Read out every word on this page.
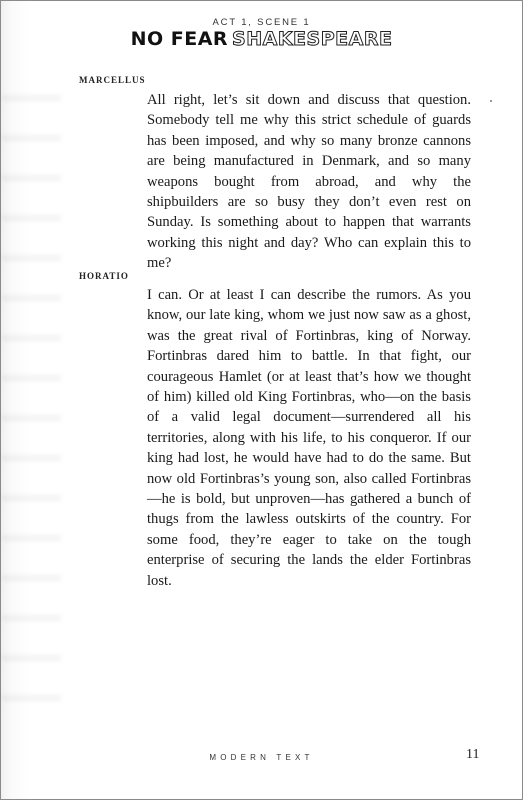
ACT 1, SCENE 1
NO FEAR SHAKESPEARE
MARCELLUS
All right, let’s sit down and discuss that question. Somebody tell me why this strict schedule of guards has been imposed, and why so many bronze cannons are being manufactured in Denmark, and so many weapons bought from abroad, and why the shipbuilders are so busy they don’t even rest on Sunday. Is something about to happen that warrants working this night and day? Who can explain this to me?
HORATIO
I can. Or at least I can describe the rumors. As you know, our late king, whom we just now saw as a ghost, was the great rival of Fortinbras, king of Norway. Fortinbras dared him to battle. In that fight, our courageous Hamlet (or at least that’s how we thought of him) killed old King Fortinbras, who—on the basis of a valid legal document—surrendered all his territories, along with his life, to his conqueror. If our king had lost, he would have had to do the same. But now old Fortinbras’s young son, also called Fortinbras—he is bold, but unproven—has gathered a bunch of thugs from the lawless outskirts of the country. For some food, they’re eager to take on the tough enterprise of securing the lands the elder Fortinbras lost.
MODERN TEXT	11
